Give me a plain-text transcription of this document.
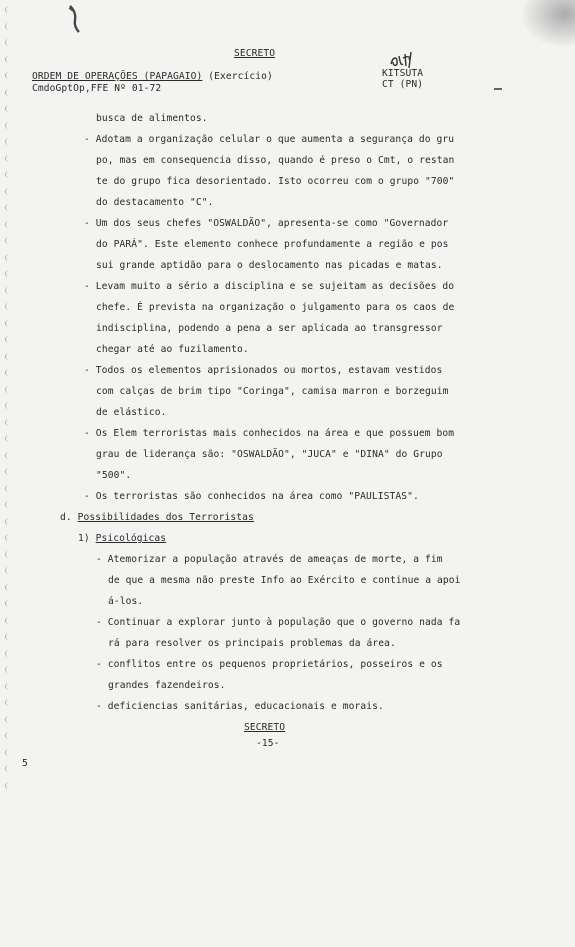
SECRETO
ORDEM DE OPERAÇÕES (PAPAGAIO) (Exercício)
CmdoGptOp,FFE Nº 01-72
KITSUTA
CT (PN)
busca de alimentos.
- Adotam a organização celular o que aumenta a segurança do gru
po, mas em consequencia disso, quando é preso o Cmt, o restan
te do grupo fica desorientado. Isto ocorreu com o grupo "700"
do destacamento "C".
- Um dos seus chefes "OSWALDÃO", apresenta-se como "Governador
do PARÁ". Este elemento conhece profundamente a região e pos
sui grande aptidão para o deslocamento nas picadas e matas.
- Levam muito a sério a disciplina e se sujeitam as decisões do
chefe. É prevista na organização o julgamento para os caos de
indisciplina, podendo a pena a ser aplicada ao transgressor
chegar até ao fuzilamento.
- Todos os elementos aprisionados ou mortos, estavam vestidos
com calças de brim tipo "Coringa", camisa marron e borzeguim
de elástico.
- Os Elem terroristas mais conhecidos na área e que possuem bom
grau de liderança são: "OSWALDÃO", "JUCA" e "DINA" do Grupo
"500".
- Os terroristas são conhecidos na área como "PAULISTAS".
d. Possibilidades dos Terroristas
1) Psicológicas
- Atemorizar a população através de ameaças de morte, a fim
de que a mesma não preste Info ao Exército e continue a apoi
á-los.
- Continuar a explorar junto à população que o governo nada fa
rá para resolver os principais problemas da área.
- conflitos entre os pequenos proprietários, posseiros e os
grandes fazendeiros.
- deficiencias sanitárias, educacionais e morais.
SECRETO
-15-
5
